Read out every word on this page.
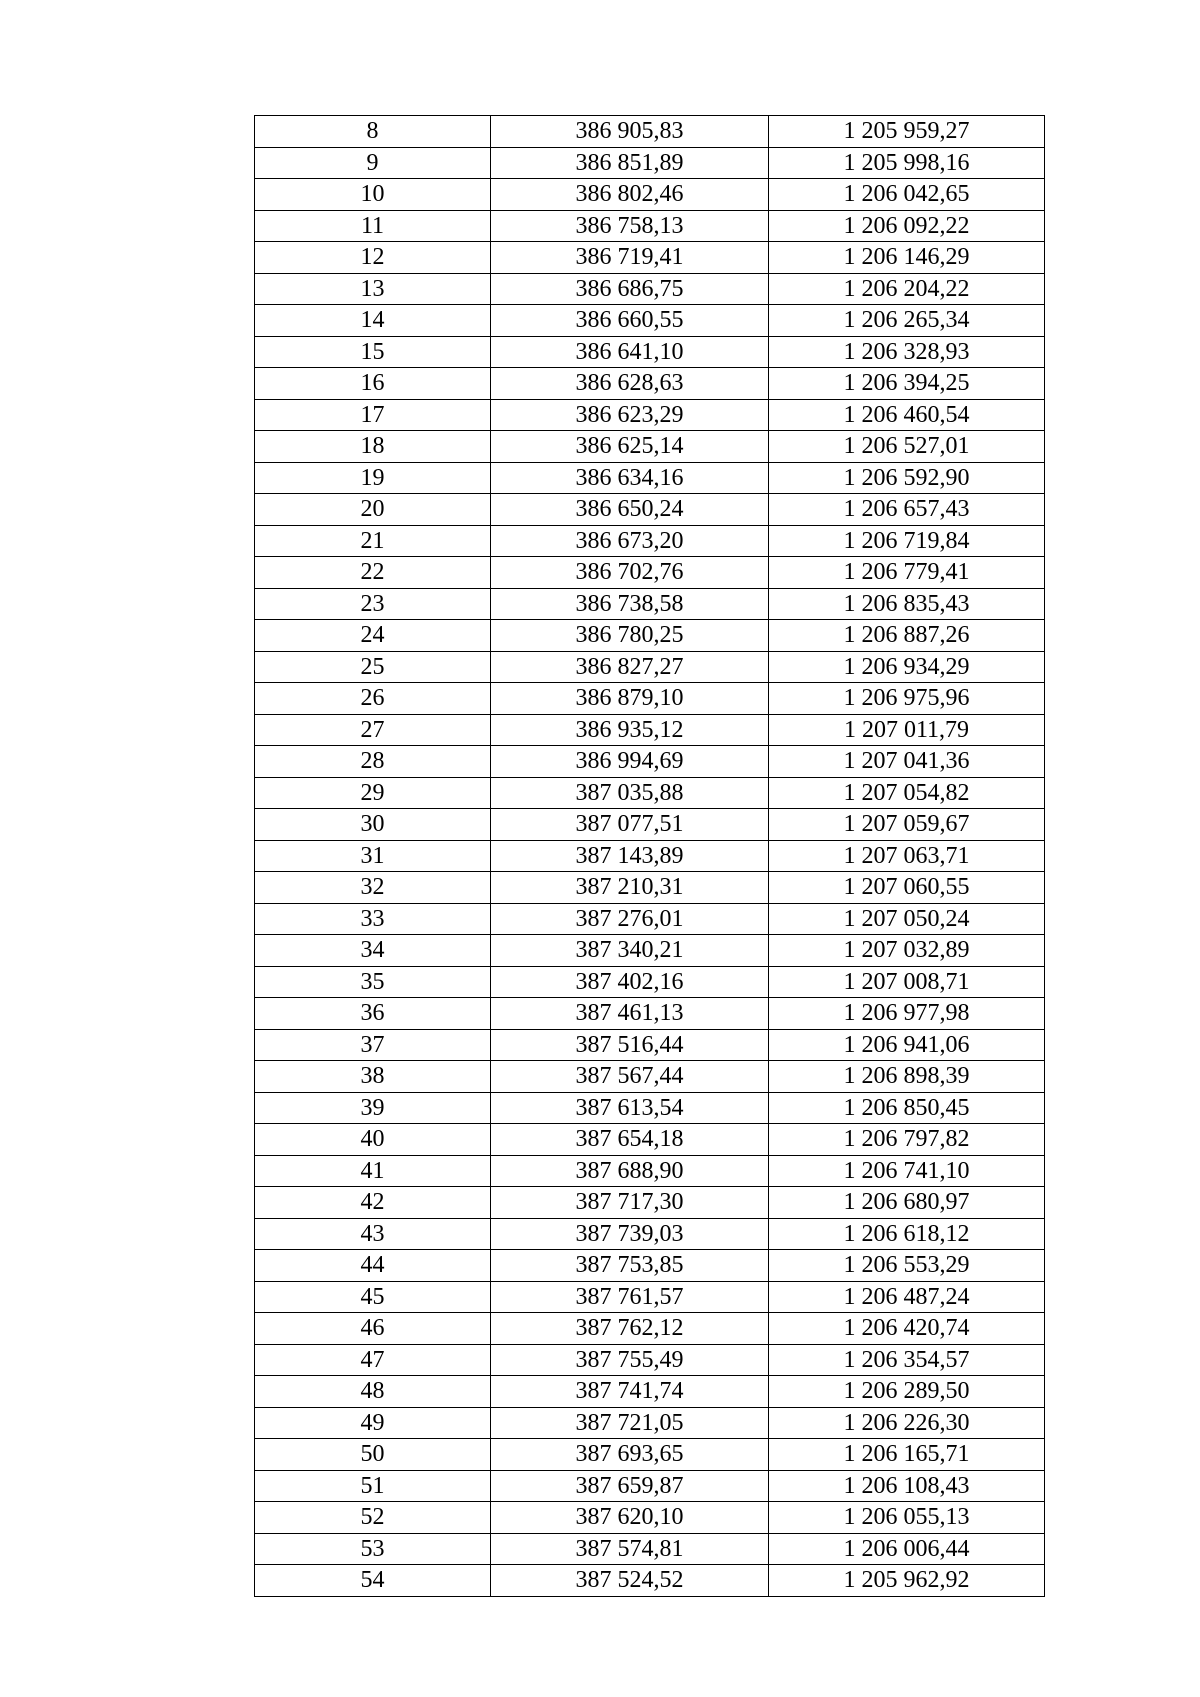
8	386 905,83	1 205 959,27
9	386 851,89	1 205 998,16
10	386 802,46	1 206 042,65
11	386 758,13	1 206 092,22
12	386 719,41	1 206 146,29
13	386 686,75	1 206 204,22
14	386 660,55	1 206 265,34
15	386 641,10	1 206 328,93
16	386 628,63	1 206 394,25
17	386 623,29	1 206 460,54
18	386 625,14	1 206 527,01
19	386 634,16	1 206 592,90
20	386 650,24	1 206 657,43
21	386 673,20	1 206 719,84
22	386 702,76	1 206 779,41
23	386 738,58	1 206 835,43
24	386 780,25	1 206 887,26
25	386 827,27	1 206 934,29
26	386 879,10	1 206 975,96
27	386 935,12	1 207 011,79
28	386 994,69	1 207 041,36
29	387 035,88	1 207 054,82
30	387 077,51	1 207 059,67
31	387 143,89	1 207 063,71
32	387 210,31	1 207 060,55
33	387 276,01	1 207 050,24
34	387 340,21	1 207 032,89
35	387 402,16	1 207 008,71
36	387 461,13	1 206 977,98
37	387 516,44	1 206 941,06
38	387 567,44	1 206 898,39
39	387 613,54	1 206 850,45
40	387 654,18	1 206 797,82
41	387 688,90	1 206 741,10
42	387 717,30	1 206 680,97
43	387 739,03	1 206 618,12
44	387 753,85	1 206 553,29
45	387 761,57	1 206 487,24
46	387 762,12	1 206 420,74
47	387 755,49	1 206 354,57
48	387 741,74	1 206 289,50
49	387 721,05	1 206 226,30
50	387 693,65	1 206 165,71
51	387 659,87	1 206 108,43
52	387 620,10	1 206 055,13
53	387 574,81	1 206 006,44
54	387 524,52	1 205 962,92
